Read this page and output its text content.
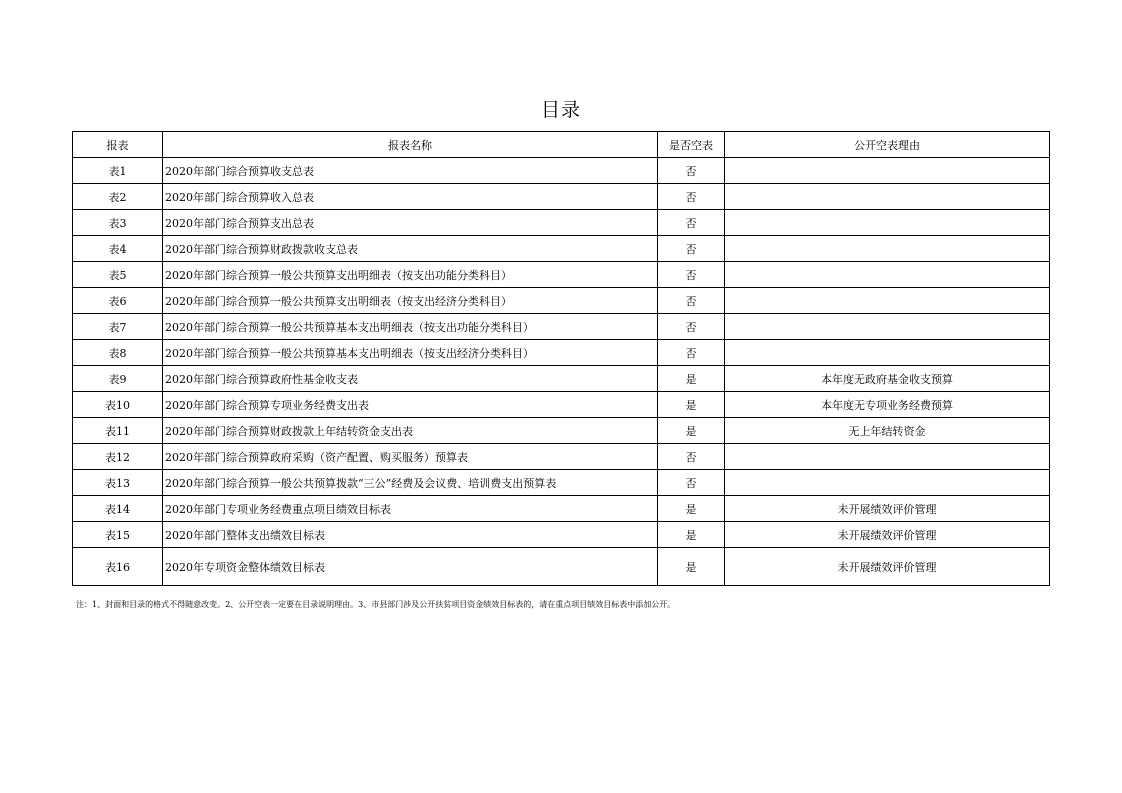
目录
报表	报表名称	是否空表	公开空表理由
表1	2020年部门综合预算收支总表	否	
表2	2020年部门综合预算收入总表	否	
表3	2020年部门综合预算支出总表	否	
表4	2020年部门综合预算财政拨款收支总表	否	
表5	2020年部门综合预算一般公共预算支出明细表（按支出功能分类科目）	否	
表6	2020年部门综合预算一般公共预算支出明细表（按支出经济分类科目）	否	
表7	2020年部门综合预算一般公共预算基本支出明细表（按支出功能分类科目）	否	
表8	2020年部门综合预算一般公共预算基本支出明细表（按支出经济分类科目）	否	
表9	2020年部门综合预算政府性基金收支表	是	本年度无政府基金收支预算
表10	2020年部门综合预算专项业务经费支出表	是	本年度无专项业务经费预算
表11	2020年部门综合预算财政拨款上年结转资金支出表	是	无上年结转资金
表12	2020年部门综合预算政府采购（资产配置、购买服务）预算表	否	
表13	2020年部门综合预算一般公共预算拨款“三公”经费及会议费、培训费支出预算表	否	
表14	2020年部门专项业务经费重点项目绩效目标表	是	未开展绩效评价管理
表15	2020年部门整体支出绩效目标表	是	未开展绩效评价管理
表16	2020年专项资金整体绩效目标表	是	未开展绩效评价管理
注：1、封面和目录的格式不得随意改变。2、公开空表一定要在目录说明理由。3、市县部门涉及公开扶贫项目资金绩效目标表的，请在重点项目绩效目标表中添加公开。
